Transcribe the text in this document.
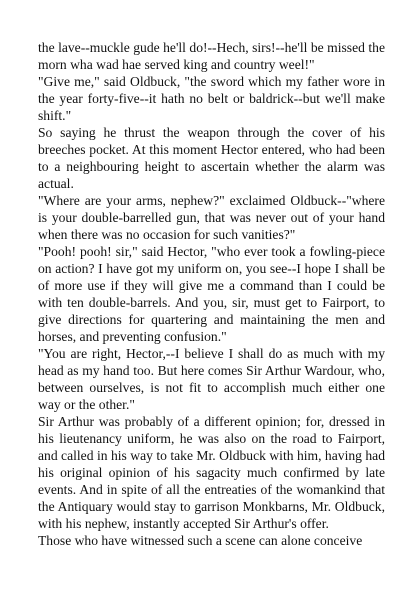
the lave--muckle gude he'll do!--Hech, sirs!--he'll be missed the morn wha wad hae served king and country weel!"

"Give me," said Oldbuck, "the sword which my father wore in the year forty-five--it hath no belt or baldrick--but we'll make shift."

So saying he thrust the weapon through the cover of his breeches pocket. At this moment Hector entered, who had been to a neighbouring height to ascertain whether the alarm was actual.

"Where are your arms, nephew?" exclaimed Oldbuck--"where is your double-barrelled gun, that was never out of your hand when there was no occasion for such vanities?"

"Pooh! pooh! sir," said Hector, "who ever took a fowling-piece on action? I have got my uniform on, you see--I hope I shall be of more use if they will give me a command than I could be with ten double-barrels. And you, sir, must get to Fairport, to give directions for quartering and maintaining the men and horses, and preventing confusion."

"You are right, Hector,--I believe I shall do as much with my head as my hand too. But here comes Sir Arthur Wardour, who, between ourselves, is not fit to accomplish much either one way or the other."

Sir Arthur was probably of a different opinion; for, dressed in his lieutenancy uniform, he was also on the road to Fairport, and called in his way to take Mr. Oldbuck with him, having had his original opinion of his sagacity much confirmed by late events. And in spite of all the entreaties of the womankind that the Antiquary would stay to garrison Monkbarns, Mr. Oldbuck, with his nephew, instantly accepted Sir Arthur's offer.

Those who have witnessed such a scene can alone conceive
